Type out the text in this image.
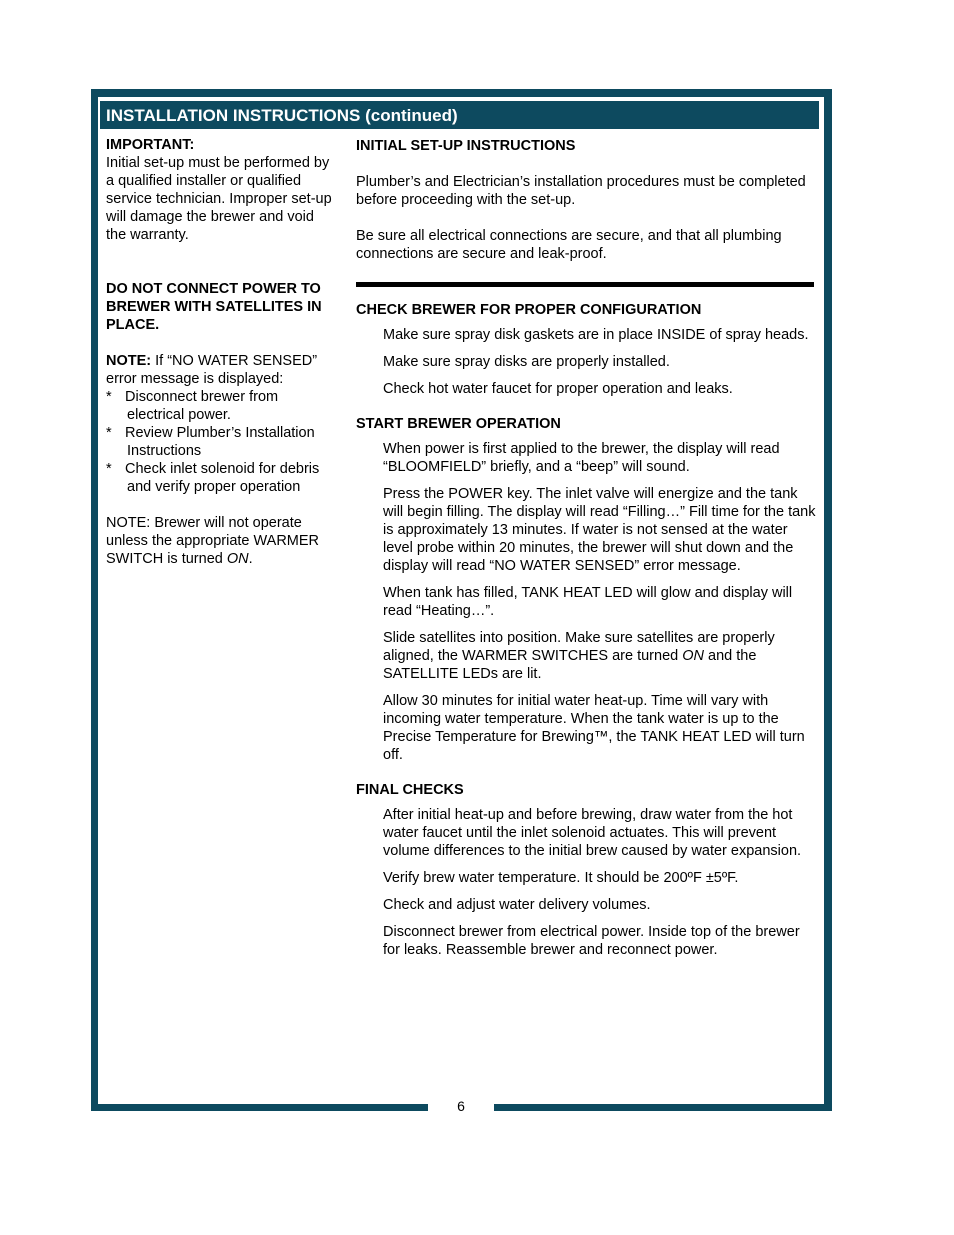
6
INSTALLATION INSTRUCTIONS (continued)

IMPORTANT:

Initial set-up must be performed by a qualified installer or qualified service technician. Improper set-up will damage the brewer and void the warranty.

DO NOT CONNECT POWER TO BREWER WITH SATELLITES IN PLACE.

NOTE: If “NO WATER SENSED” error message is displayed:

* Disconnect brewer from electrical power.

* Review Plumber’s Installation Instructions

* Check inlet solenoid for debris and verify proper operation

NOTE: Brewer will not operate unless the appropriate WARMER SWITCH is turned ON.

INITIAL SET-UP INSTRUCTIONS

Plumber’s and Electrician’s installation procedures must be completed before proceeding with the set-up.

Be sure all electrical connections are secure, and that all plumbing connections are secure and leak-proof.

CHECK BREWER FOR PROPER CONFIGURATION

Make sure spray disk gaskets are in place INSIDE of spray heads.

Make sure spray disks are properly installed.

Check hot water faucet for proper operation and leaks.

START BREWER OPERATION

When power is first applied to the brewer, the display will read “BLOOMFIELD” briefly, and a “beep” will sound.

Press the POWER key. The inlet valve will energize and the tank will begin filling. The display will read “Filling…” Fill time for the tank is approximately 13 minutes. If water is not sensed at the water level probe within 20 minutes, the brewer will shut down and the display will read “NO WATER SENSED” error message.

When tank has filled, TANK HEAT LED will glow and display will read “Heating…”.

Slide satellites into position. Make sure satellites are properly aligned, the WARMER SWITCHES are turned ON and the SATELLITE LEDs are lit.

Allow 30 minutes for initial water heat-up. Time will vary with incoming water temperature. When the tank water is up to the Precise Temperature for Brewing™, the TANK HEAT LED will turn off.

FINAL CHECKS

After initial heat-up and before brewing, draw water from the hot water faucet until the inlet solenoid actuates. This will prevent volume differences to the initial brew caused by water expansion.

Verify brew water temperature. It should be 200ºF ±5ºF.

Check and adjust water delivery volumes.

Disconnect brewer from electrical power. Inside top of the brewer for leaks. Reassemble brewer and reconnect power.
